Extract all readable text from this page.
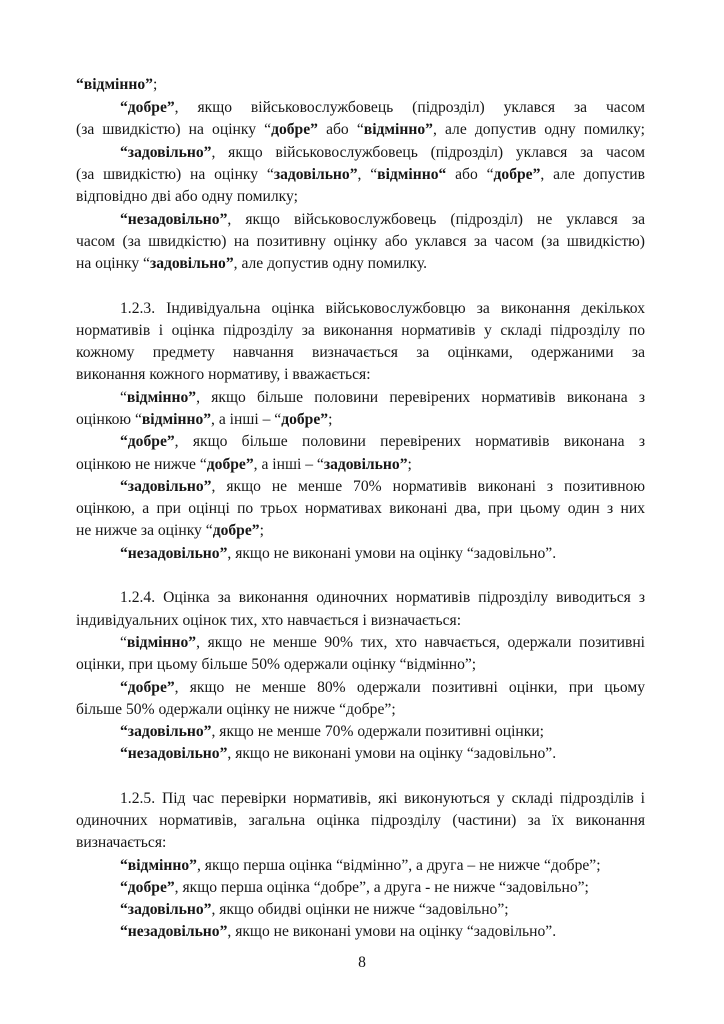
“відмінно”;
“добре”, якщо військовослужбовець (підрозділ) уклався за часом
(за швидкістю) на оцінку “добре” або “відмінно”, але допустив одну помилку;
“задовільно”, якщо військовослужбовець (підрозділ) уклався за часом
(за швидкістю) на оцінку “задовільно”, “відмінно“ або “добре”, але допустив
відповідно дві або одну помилку;
“незадовільно”, якщо військовослужбовець (підрозділ) не уклався за
часом (за швидкістю) на позитивну оцінку або уклався за часом (за швидкістю)
на оцінку “задовільно”, але допустив одну помилку.
1.2.3. Індивідуальна оцінка військовослужбовцю за виконання декількох
нормативів і оцінка підрозділу за виконання нормативів у складі підрозділу по
кожному предмету навчання визначається за оцінками, одержаними за
виконання кожного нормативу, і вважається:
“відмінно”, якщо більше половини перевірених нормативів виконана з
оцінкою “відмінно”, а інші – “добре”;
“добре”, якщо більше половини перевірених нормативів виконана з
оцінкою не нижче “добре”, а інші – “задовільно”;
“задовільно”, якщо не менше 70% нормативів виконані з позитивною
оцінкою, а при оцінці по трьох нормативах виконані два, при цьому один з них
не нижче за оцінку “добре”;
“незадовільно”, якщо не виконані умови на оцінку “задовільно”.
1.2.4. Оцінка за виконання одиночних нормативів підрозділу виводиться з
індивідуальних оцінок тих, хто навчається і визначається:
“відмінно”, якщо не менше 90% тих, хто навчається, одержали позитивні
оцінки, при цьому більше 50% одержали оцінку “відмінно”;
“добре”, якщо не менше 80% одержали позитивні оцінки, при цьому
більше 50% одержали оцінку не нижче “добре”;
“задовільно”, якщо не менше 70% одержали позитивні оцінки;
“незадовільно”, якщо не виконані умови на оцінку “задовільно”.
1.2.5. Під час перевірки нормативів, які виконуються у складі підрозділів і
одиночних нормативів, загальна оцінка підрозділу (частини) за їх виконання
визначається:
“відмінно”, якщо перша оцінка “відмінно”, а друга – не нижче “добре”;
“добре”, якщо перша оцінка “добре”, а друга - не нижче “задовільно”;
“задовільно”, якщо обидві оцінки не нижче “задовільно”;
“незадовільно”, якщо не виконані умови на оцінку “задовільно”.
8
